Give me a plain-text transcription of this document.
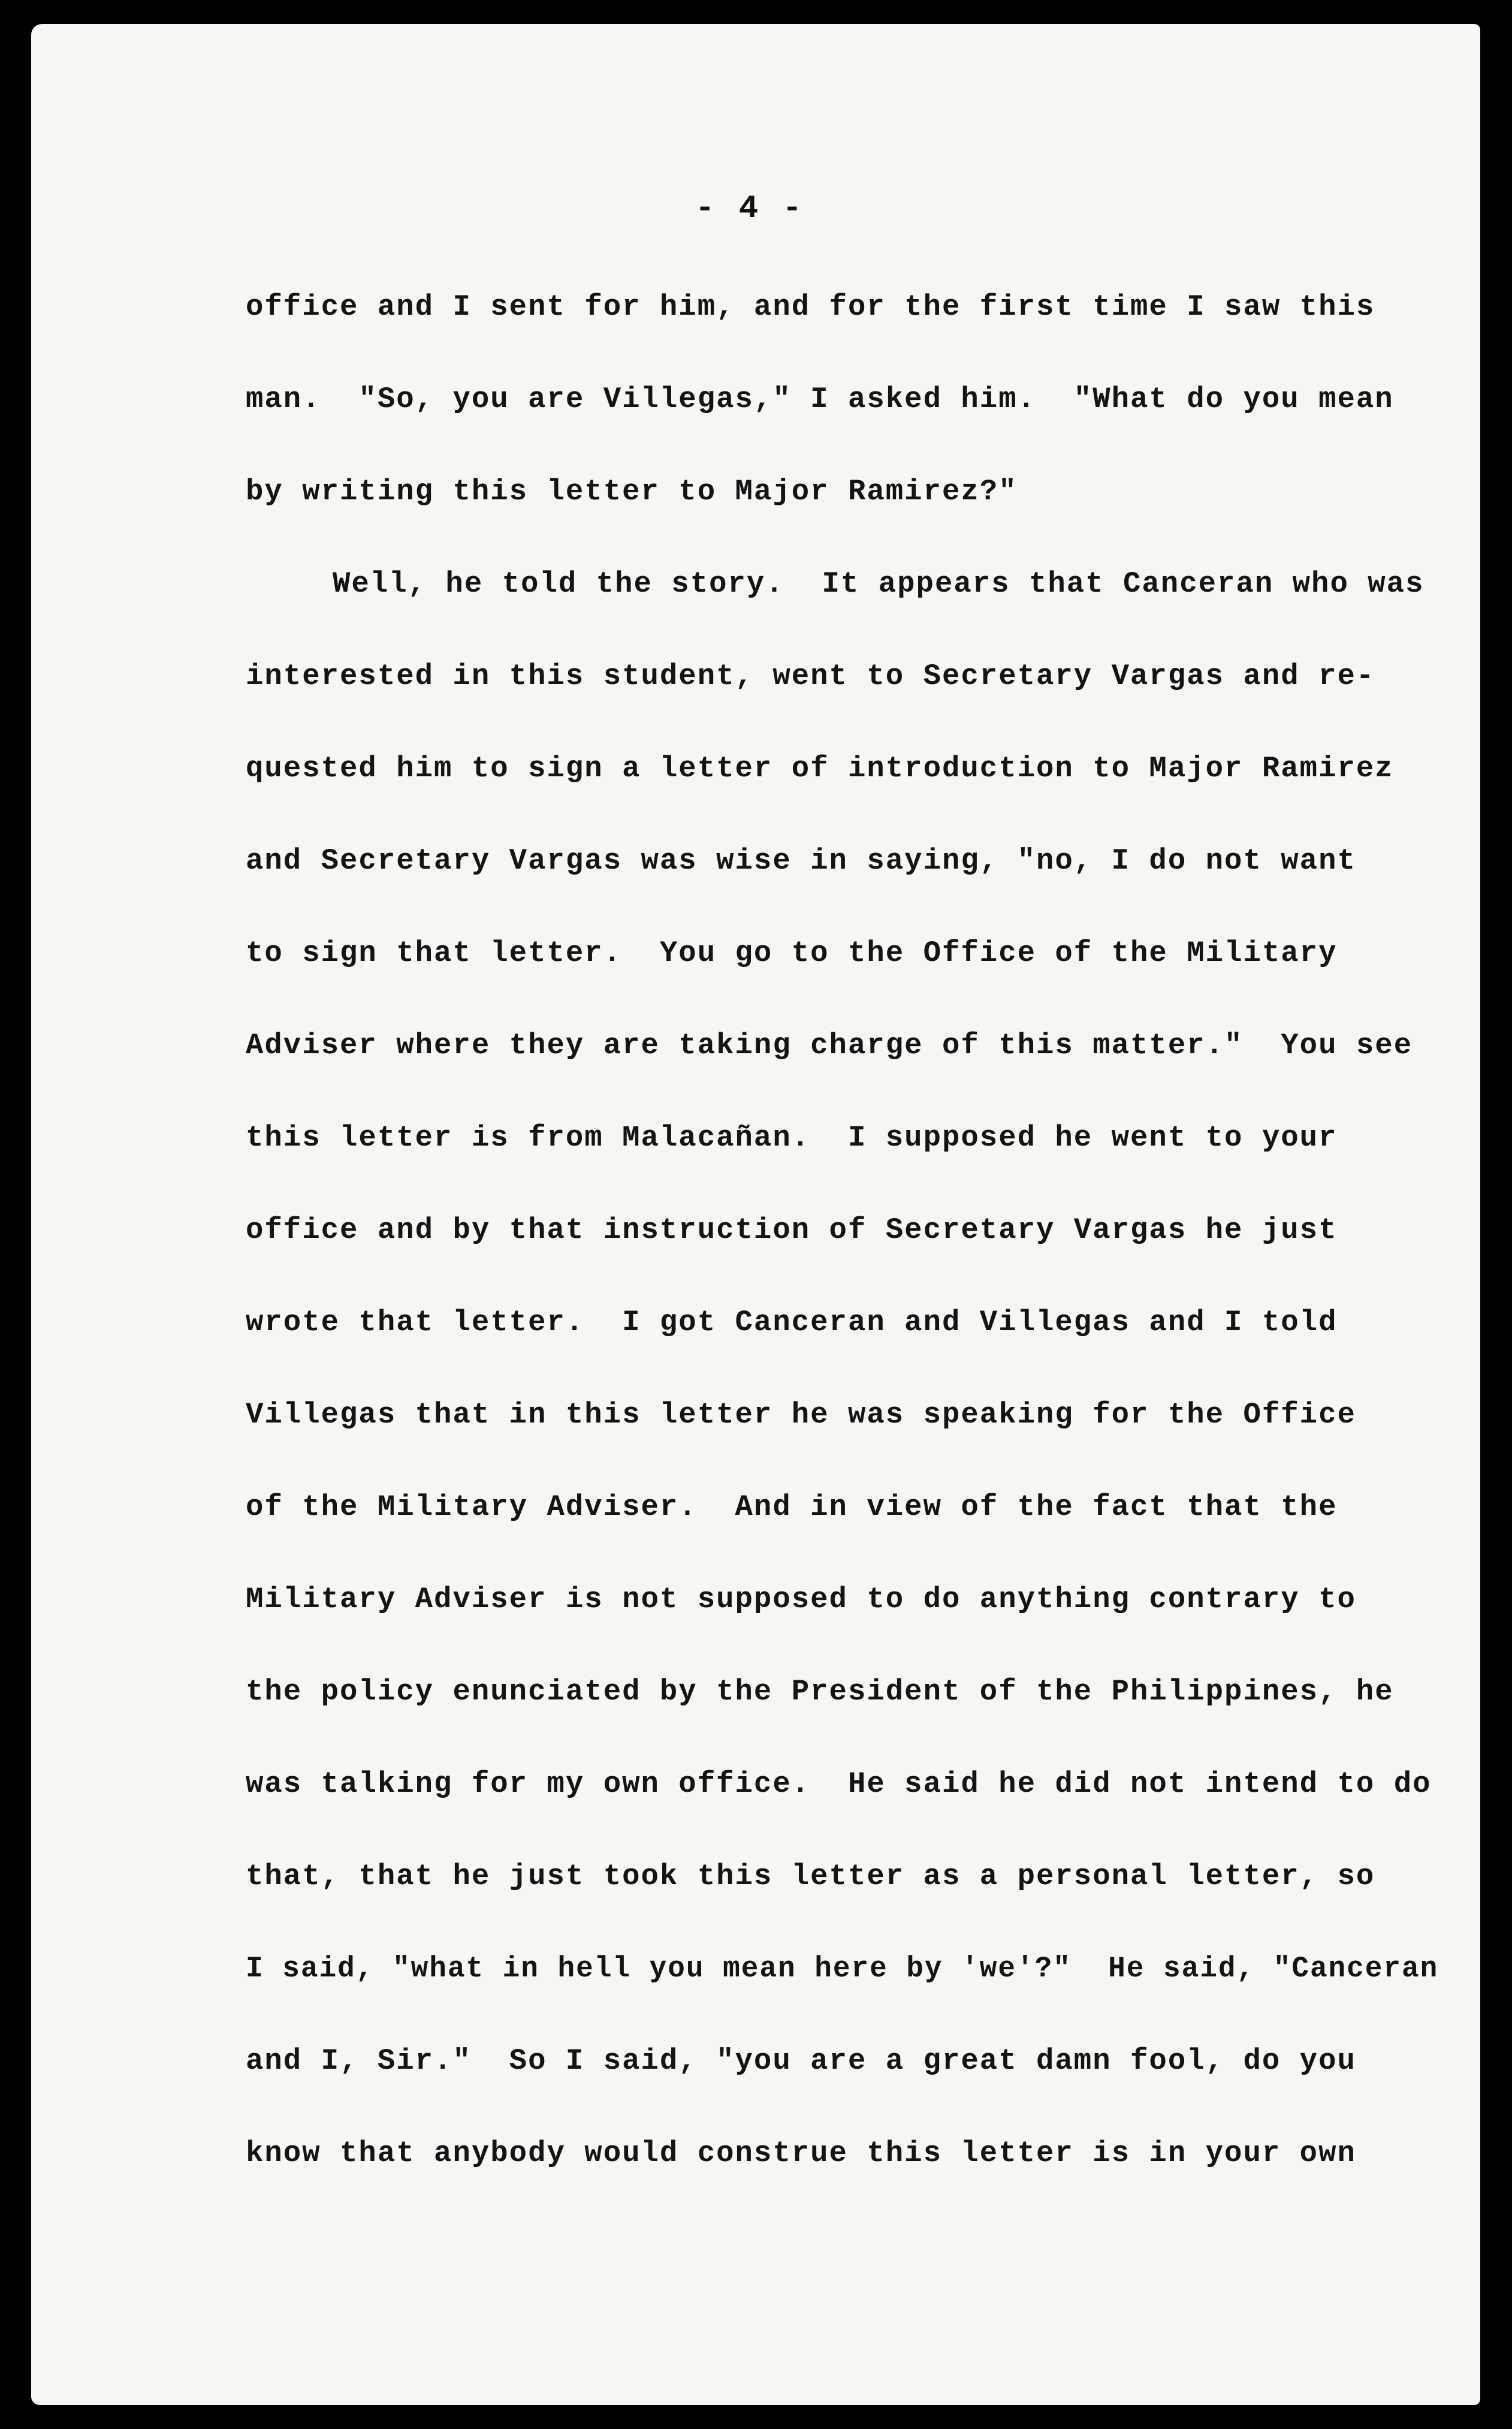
- 4 -
office and I sent for him, and for the first time I saw this
man.  "So, you are Villegas," I asked him.  "What do you mean
by writing this letter to Major Ramirez?"
Well, he told the story.  It appears that Canceran who was
interested in this student, went to Secretary Vargas and re-
quested him to sign a letter of introduction to Major Ramirez
and Secretary Vargas was wise in saying, "no, I do not want
to sign that letter.  You go to the Office of the Military
Adviser where they are taking charge of this matter."  You see
this letter is from Malacañan.  I supposed he went to your
office and by that instruction of Secretary Vargas he just
wrote that letter.  I got Canceran and Villegas and I told
Villegas that in this letter he was speaking for the Office
of the Military Adviser.  And in view of the fact that the
Military Adviser is not supposed to do anything contrary to
the policy enunciated by the President of the Philippines, he
was talking for my own office.  He said he did not intend to do
that, that he just took this letter as a personal letter, so
I said, "what in hell you mean here by 'we'?"  He said, "Canceran
and I, Sir."  So I said, "you are a great damn fool, do you
know that anybody would construe this letter is in your own
